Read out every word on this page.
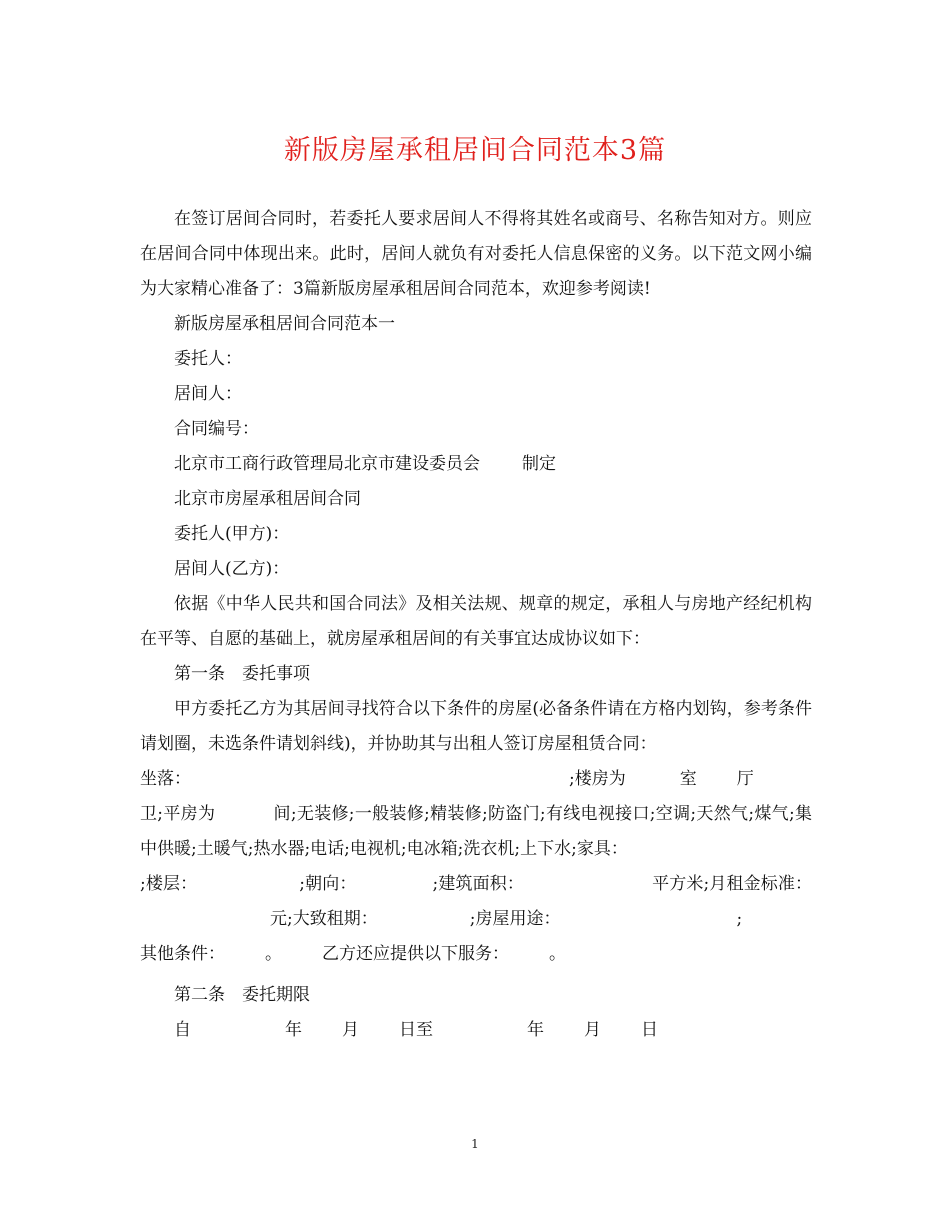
新版房屋承租居间合同范本3篇

在签订居间合同时，若委托人要求居间人不得将其姓名或商号、名称告知对方。则应在居间合同中体现出来。此时，居间人就负有对委托人信息保密的义务。以下范文网小编为大家精心准备了：3篇新版房屋承租居间合同范本，欢迎参考阅读!

新版房屋承租居间合同范本一

委托人：

居间人：

合同编号：

北京市工商行政管理局北京市建设委员会 制定

北京市房屋承租居间合同

委托人(甲方)：

居间人(乙方)：

依据《中华人民共和国合同法》及相关法规、规章的规定，承租人与房地产经纪机构在平等、自愿的基础上，就房屋承租居间的有关事宜达成协议如下：

第一条　委托事项

甲方委托乙方为其居间寻找符合以下条件的房屋(必备条件请在方格内划钩，参考条件请划圈，未选条件请划斜线)，并协助其与出租人签订房屋租赁合同：

坐落：	;楼房为	室 厅

卫;平房为	间;无装修;一般装修;精装修;防盗门;有线电视接口;空调;天然气;煤气;集中供暖;土暖气;热水器;电话;电视机;电冰箱;洗衣机;上下水;家具：

;楼层：	;朝向：	;建筑面积：	平方米;月租金标准：元;大致租期：	;房屋用途：	;

其他条件： 。 乙方还应提供以下服务： 。

第二条　委托期限

自	年 月 日至	年 月 日

1
